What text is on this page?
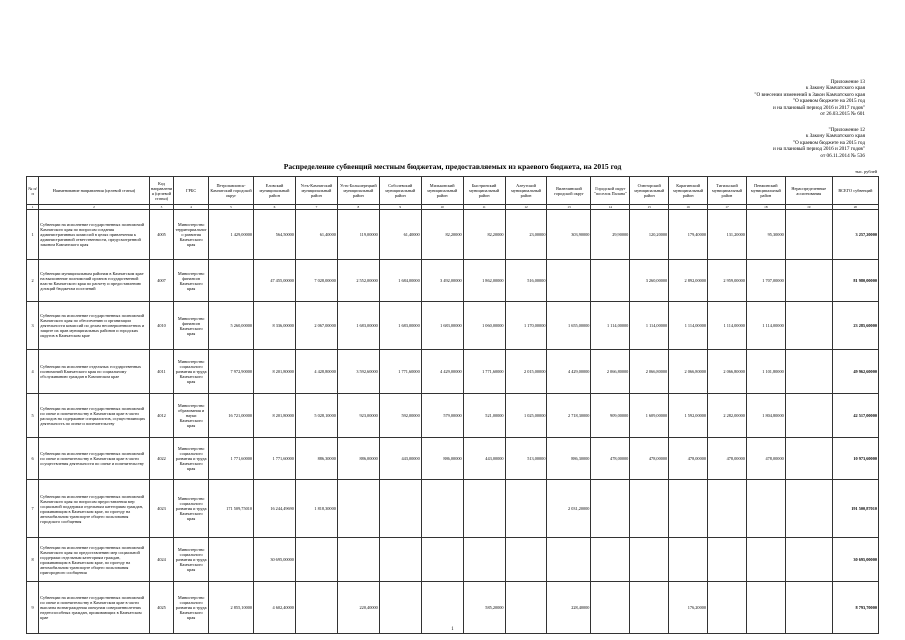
Приложение 13
к Закону Камчатского края
"О внесении изменений в Закон Камчатского края
"О краевом бюджете на 2015 год
и на плановый период 2016 и 2017 годов"
от 26.03.2015 № 601
"Приложение 12
к Закону Камчатского края
"О краевом бюджете на 2015 год
и на плановый период 2016 и 2017 годов"
от 06.11.2014 № 536
Распределение субвенций местным бюджетам, предоставляемых из краевого бюджета, на 2015 год
тыс. рублей
№ п/п	Наименование направления (целевой статьи)	Код направления (целевой статьи)	ГРБС	Петропавловск-Камчатский городской округ	Еловский муниципальный район	Усть-Камчатский муниципальный район	Усть-Большерецкий муниципальный район	Соболевский муниципальный район	Мильковский муниципальный район	Быстринский муниципальный район	Алеутский муниципальный район	Вилючинский городской округ	Городской округ "поселок Палана"	Олюторский муниципальный район	Карагинский муниципальный район	Тигильский муниципальный район	Пенжинский муниципальный район	Нераспределенные ассигнования	ВСЕГО субвенций
1	2	3	4	5	6	7	8	9	10	11	12	13	14	15	16	17	18	19	20
1	Субвенции на исполнение государственных полномочий Камчатского края по вопросам создания административных комиссий в целях привлечения к административной ответственности, предусмотренной законом Камчатского края	4005	Министерство территориального развития Камчатского края	1 429,00000	564,50000	61,40000	119,00000	61,40000	82,20000	82,20000	23,00000	303,90000	29,90000	120,20000	179,40000	131,20000	95,30000		3 257,20000
2	Субвенции муниципальным районам в Камчатском крае на выполнение полномочий органов государственной власти Камчатского края по расчету и предоставлению дотаций бюджетам поселений	4007	Министерство финансов Камчатского края		47 455,00000	7 028,00000	2 552,00000	1 684,00000	3 492,00000	1 862,00000	516,00000			3 260,00000	2 892,00000	2 959,00000	1 707,00000		81 980,00000
3	Субвенции на исполнение государственных полномочий Камчатского края по обеспечению и организации деятельности комиссий по делам несовершеннолетних и защите их прав муниципальных районов и городских округов в Камчатском крае	4010	Министерство финансов Камчатского края	5 260,00000	8 336,00000	2 067,00000	1 683,00000	1 683,00000	1 683,00000	1 060,00000	1 170,00000	1 655,00000	1 114,00000	1 114,00000	1 114,00000	1 114,00000	1 114,00000		23 285,60000
4	Субвенции на исполнение отдельных государственных полномочий Камчатского края по социальному обслуживанию граждан в Камчатском крае	4011	Министерство социального развития и труда Камчатского края	7 972,90000	8 201,80000	4 428,80000	3 592,60000	1 771,60000	4 429,00000	1 771,60000	2 015,00000	4 429,00000	2 066,80000	2 066,80000	2 066,80000	2 066,80000	1 101,80000		49 962,60000
5	Субвенции на исполнение государственных полномочий по опеке и попечительству в Камчатском крае в части расходов на содержание специалистов, осуществляющих деятельность по опеке и попечительству	4012	Министерство образования и науки Камчатского края	16 721,00000	8 201,80000	5 028,10000	923,00000	592,00000	579,00000	521,00000	1 025,00000	2 718,30000	909,00000	1 609,00000	1 592,00000	2 282,00000	1 804,80000		42 517,00000
6	Субвенции на исполнение государственных полномочий по опеке и попечительству в Камчатском крае в части осуществления деятельности по опеке и попечительству	4022	Министерство социального развития и труда Камчатского края	1 771,60000	1 771,60000	886,30000	886,00000	443,00000	886,00000	443,00000	513,00000	886,30000	478,00000	478,00000	478,00000	478,00000	478,00000		10 973,60000
7	Субвенции на исполнение государственных полномочий Камчатского края по вопросам предоставления мер социальной поддержки отдельным категориям граждан, проживающим в Камчатском крае, по проезду на автомобильном транспорте общего пользования городского сообщения	4023	Министерство социального развития и труда Камчатского края	171 509,75010	16 244,49690	1 818,30000						2 031,20000							191 500,87010
8	Субвенции на исполнение государственных полномочий Камчатского края по предоставлению мер социальной поддержки отдельным категориям граждан, проживающим в Камчатском крае, по проезду на автомобильном транспорте общего пользования пригородного сообщения	4024	Министерство социального развития и труда Камчатского края		30 695,00000														30 695,00000
9	Субвенции на исполнение государственных полномочий по опеке и попечительству в Камчатском крае в части выплаты вознаграждения опекунам совершеннолетних недееспособных граждан, проживающих в Камчатском крае	4025	Министерство социального развития и труда Камчатского края	2 855,10000	4 602,40000		220,40000			585,20000		228,40000			176,20000				8 793,70000
1
